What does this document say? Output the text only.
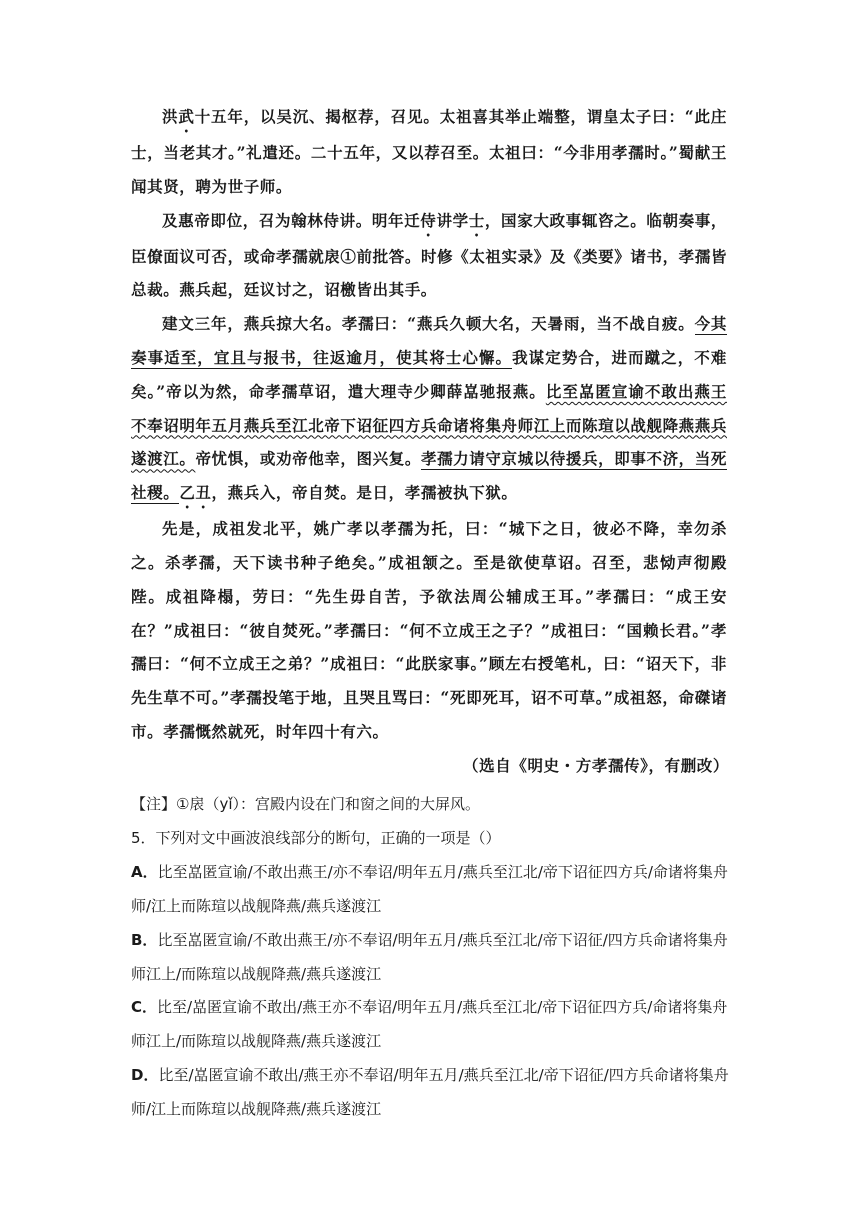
洪武十五年，以吴沉、揭枢荐，召见。太祖喜其举止端整，谓皇太子曰：“此庄士，当老其才。”礼遣还。二十五年，又以荐召至。太祖曰：“今非用孝孺时。”蜀献王闻其贤，聘为世子师。

及惠帝即位，召为翰林侍讲。明年迁侍讲学士，国家大政事辄咨之。临朝奏事，臣僚面议可否，或命孝孺就扆①前批答。时修《太祖实录》及《类要》诸书，孝孺皆总裁。燕兵起，廷议讨之，诏檄皆出其手。

建文三年，燕兵掠大名。孝孺曰：“燕兵久顿大名，天暑雨，当不战自疲。今其奏事适至，宜且与报书，往返逾月，使其将士心懈。我谋定势合，进而蹴之，不难矣。”帝以为然，命孝孺草诏，遣大理寺少卿薛嵓驰报燕。比至嵓匿宣谕不敢出燕王不奉诏明年五月燕兵至江北帝下诏征四方兵命诸将集舟师江上而陈瑄以战舰降燕燕兵遂渡江。帝忧惧，或劝帝他幸，图兴复。孝孺力请守京城以待援兵，即事不济，当死社稷。乙丑，燕兵入，帝自焚。是日，孝孺被执下狱。

先是，成祖发北平，姚广孝以孝孺为托，曰：“城下之日，彼必不降，幸勿杀之。杀孝孺，天下读书种子绝矣。”成祖颔之。至是欲使草诏。召至，悲恸声彻殿陛。成祖降榻，劳曰：“先生毋自苦，予欲法周公辅成王耳。”孝孺曰：“成王安在？”成祖曰：“彼自焚死。”孝孺曰：“何不立成王之子？”成祖曰：“国赖长君。”孝孺曰：“何不立成王之弟？”成祖曰：“此朕家事。”顾左右授笔札，曰：“诏天下，非先生草不可。”孝孺投笔于地，且哭且骂曰：“死即死耳，诏不可草。”成祖怒，命磔诸市。孝孺慨然就死，时年四十有六。

（选自《明史・方孝孺传》，有删改）
【注】①扆（yǐ）：宫殿内设在门和窗之间的大屏风。
5．下列对文中画波浪线部分的断句，正确的一项是（）
A．比至嵓匿宣谕/不敢出燕王/亦不奉诏/明年五月/燕兵至江北/帝下诏征四方兵/命诸将集舟师/江上而陈瑄以战舰降燕/燕兵遂渡江
B．比至嵓匿宣谕/不敢出燕王/亦不奉诏/明年五月/燕兵至江北/帝下诏征/四方兵命诸将集舟师江上/而陈瑄以战舰降燕/燕兵遂渡江
C．比至/嵓匿宣谕不敢出/燕王亦不奉诏/明年五月/燕兵至江北/帝下诏征四方兵/命诸将集舟师江上/而陈瑄以战舰降燕/燕兵遂渡江
D．比至/嵓匿宣谕不敢出/燕王亦不奉诏/明年五月/燕兵至江北/帝下诏征/四方兵命诸将集舟师/江上而陈瑄以战舰降燕/燕兵遂渡江
